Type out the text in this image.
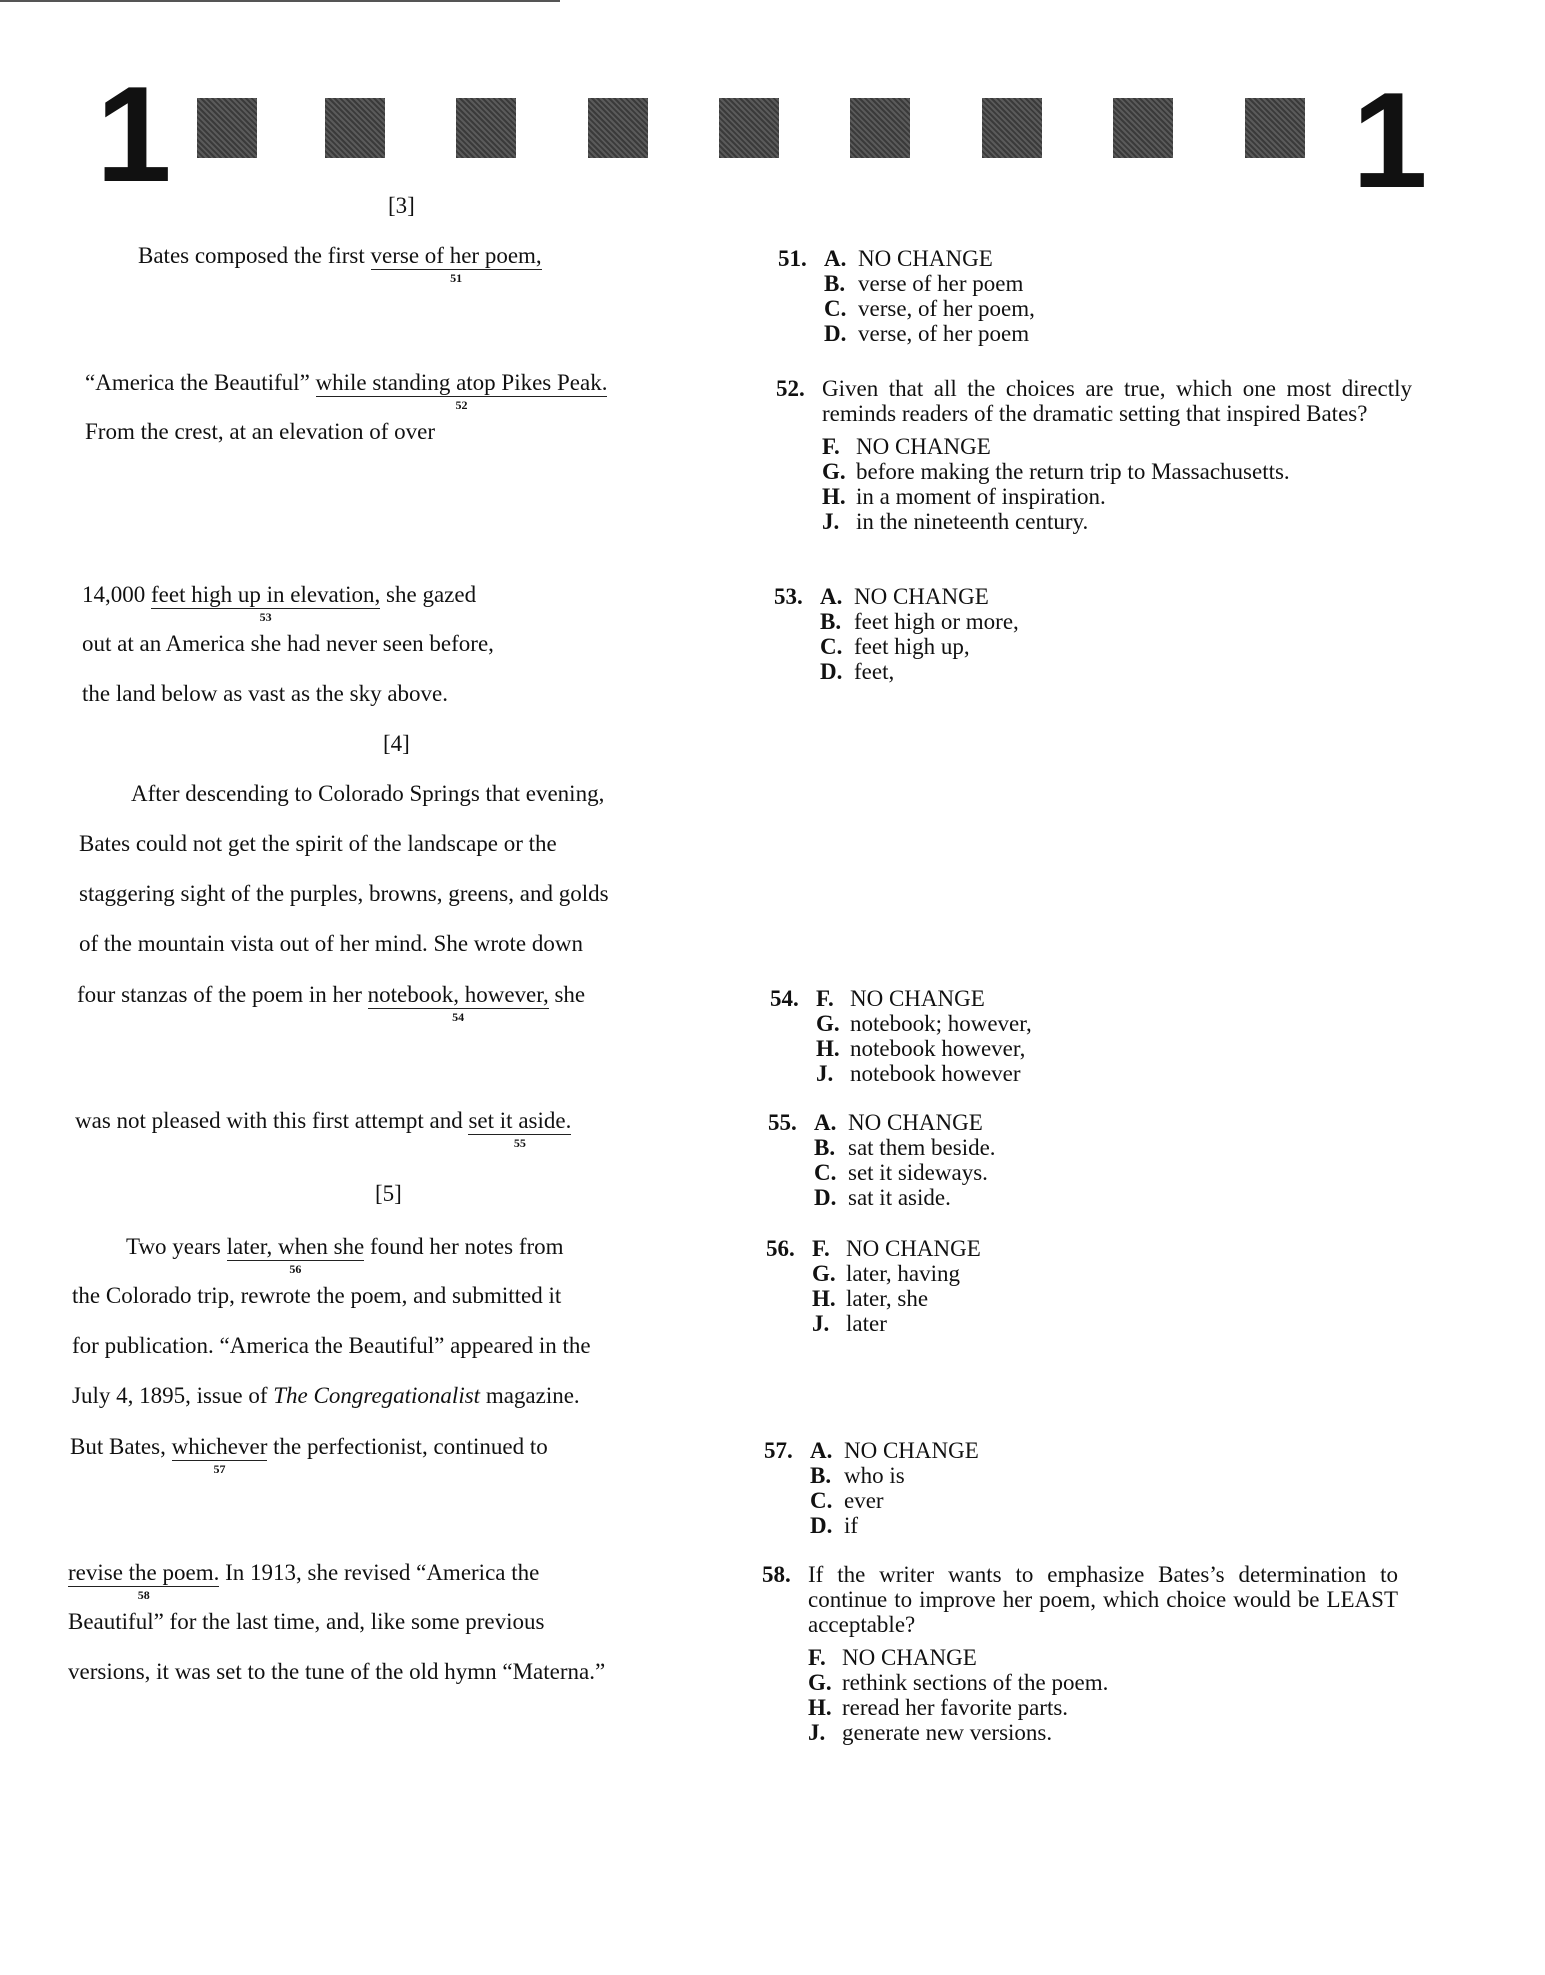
1	1
[3]
Bates composed the first verse of her poem,
51
“America the Beautiful” while standing atop Pikes Peak.
52
From the crest, at an elevation of over
14,000 feet high up in elevation,
53
she gazed
out at an America she had never seen before,
the land below as vast as the sky above.
[4]
After descending to Colorado Springs that evening,
Bates could not get the spirit of the landscape or the
staggering sight of the purples, browns, greens, and golds
of the mountain vista out of her mind. She wrote down
four stanzas of the poem in her notebook, however,
54
she
was not pleased with this first attempt and set it aside.
55
[5]
Two years later, when she
56
found her notes from
the Colorado trip, rewrote the poem, and submitted it
for publication. “America the Beautiful” appeared in the
July 4, 1895, issue of The Congregationalist magazine.
But Bates, whichever
57
the perfectionist, continued to
revise the poem.
58
In 1913, she revised “America the
Beautiful” for the last time, and, like some previous
versions, it was set to the tune of the old hymn “Materna.”
51. A. NO CHANGE
B. verse of her poem
C. verse, of her poem,
D. verse, of her poem
52. Given that all the choices are true, which one most directly reminds readers of the dramatic setting that inspired Bates?
F. NO CHANGE
G. before making the return trip to Massachusetts.
H. in a moment of inspiration.
J. in the nineteenth century.
53. A. NO CHANGE
B. feet high or more,
C. feet high up,
D. feet,
54. F. NO CHANGE
G. notebook; however,
H. notebook however,
J. notebook however
55. A. NO CHANGE
B. sat them beside.
C. set it sideways.
D. sat it aside.
56. F. NO CHANGE
G. later, having
H. later, she
J. later
57. A. NO CHANGE
B. who is
C. ever
D. if
58. If the writer wants to emphasize Bates’s determination to continue to improve her poem, which choice would be LEAST acceptable?
F. NO CHANGE
G. rethink sections of the poem.
H. reread her favorite parts.
J. generate new versions.
